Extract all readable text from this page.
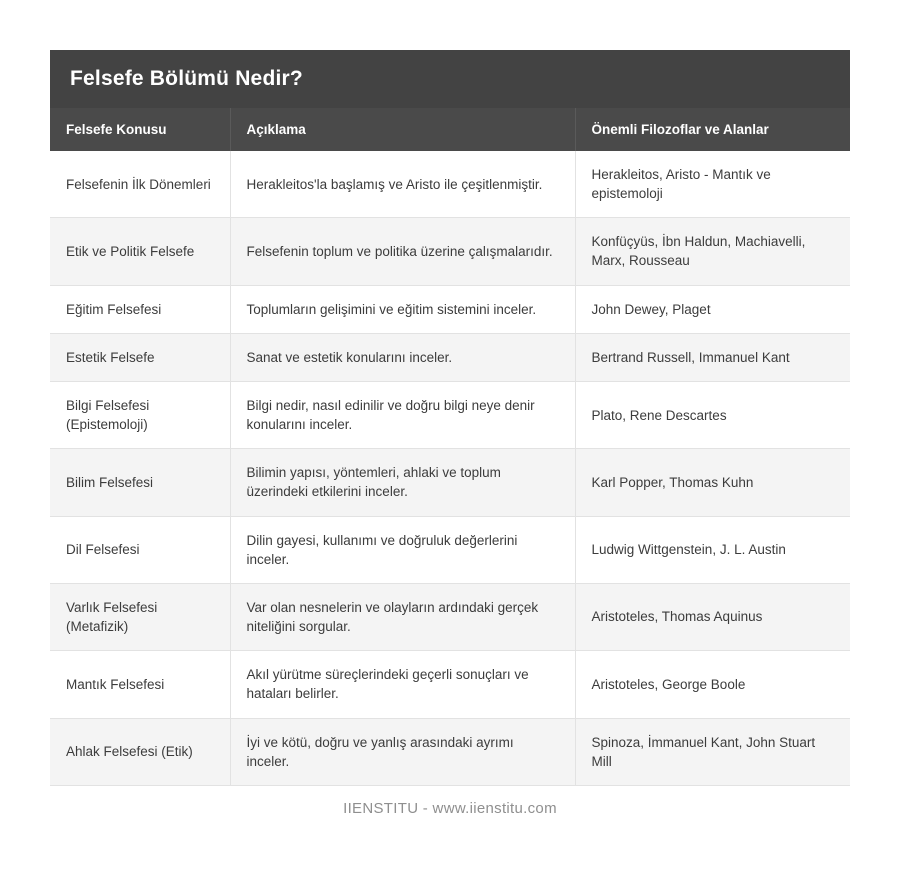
Felsefe Bölümü Nedir?
Felsefe Konusu	Açıklama	Önemli Filozoflar ve Alanlar
Felsefenin İlk Dönemleri	Herakleitos'la başlamış ve Aristo ile çeşitlenmiştir.	Herakleitos, Aristo - Mantık ve epistemoloji
Etik ve Politik Felsefe	Felsefenin toplum ve politika üzerine çalışmalarıdır.	Konfüçyüs, İbn Haldun, Machiavelli, Marx, Rousseau
Eğitim Felsefesi	Toplumların gelişimini ve eğitim sistemini inceler.	John Dewey, Plaget
Estetik Felsefe	Sanat ve estetik konularını inceler.	Bertrand Russell, Immanuel Kant
Bilgi Felsefesi (Epistemoloji)	Bilgi nedir, nasıl edinilir ve doğru bilgi neye denir konularını inceler.	Plato, Rene Descartes
Bilim Felsefesi	Bilimin yapısı, yöntemleri, ahlaki ve toplum üzerindeki etkilerini inceler.	Karl Popper, Thomas Kuhn
Dil Felsefesi	Dilin gayesi, kullanımı ve doğruluk değerlerini inceler.	Ludwig Wittgenstein, J. L. Austin
Varlık Felsefesi (Metafizik)	Var olan nesnelerin ve olayların ardındaki gerçek niteliğini sorgular.	Aristoteles, Thomas Aquinus
Mantık Felsefesi	Akıl yürütme süreçlerindeki geçerli sonuçları ve hataları belirler.	Aristoteles, George Boole
Ahlak Felsefesi (Etik)	İyi ve kötü, doğru ve yanlış arasındaki ayrımı inceler.	Spinoza, İmmanuel Kant, John Stuart Mill
IIENSTITU - www.iienstitu.com
